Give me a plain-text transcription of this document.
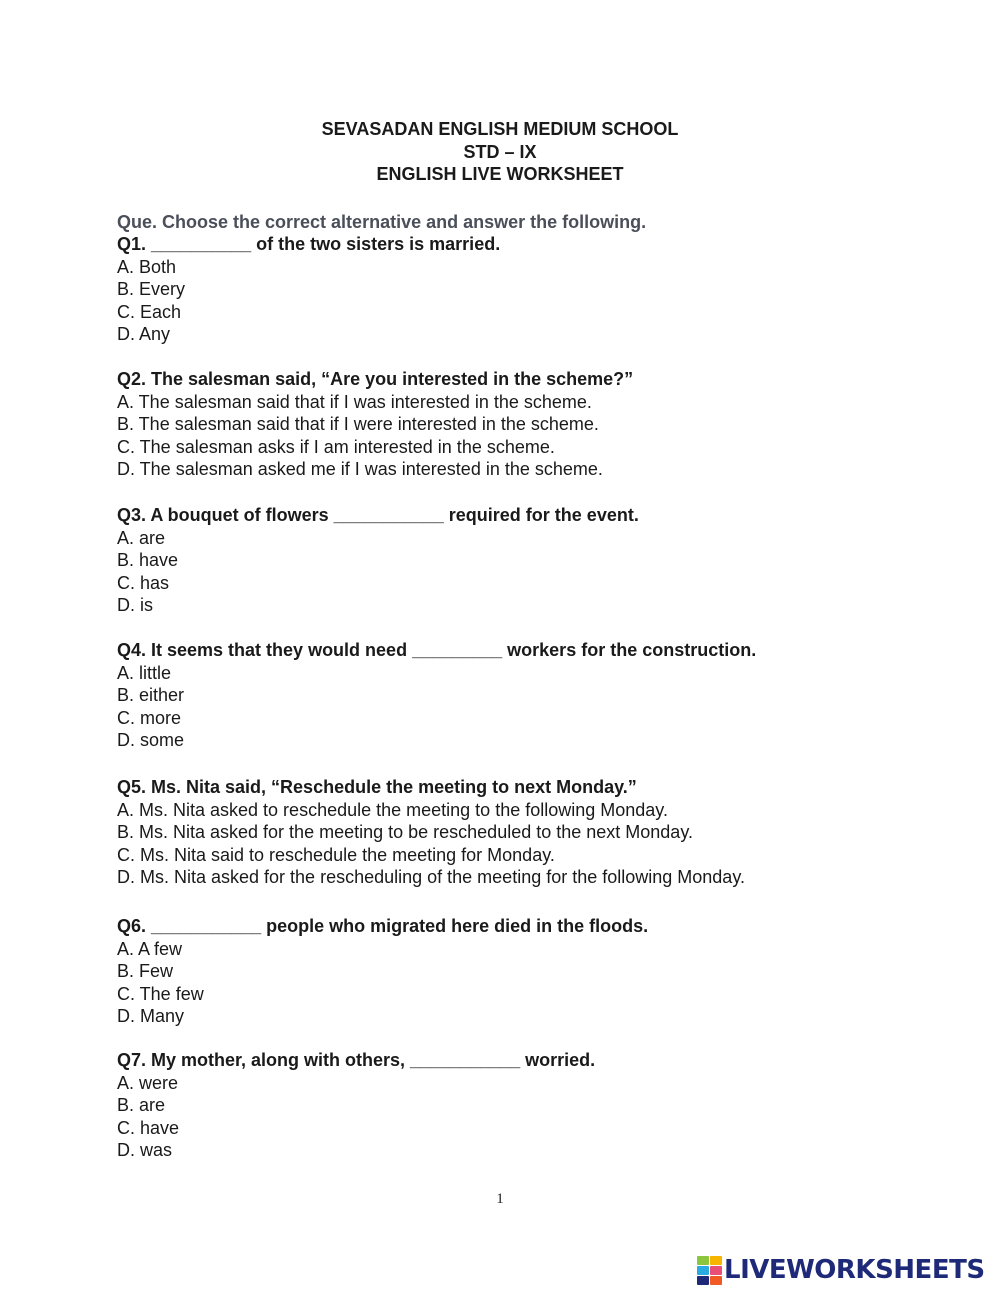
SEVASADAN ENGLISH MEDIUM SCHOOL
STD – IX
ENGLISH LIVE WORKSHEET
Que. Choose the correct alternative and answer the following.
Q1. __________ of the two sisters is married.
A. Both
B. Every
C. Each
D. Any
Q2. The salesman said, “Are you interested in the scheme?”
A. The salesman said that if I was interested in the scheme.
B. The salesman said that if I were interested in the scheme.
C. The salesman asks if I am interested in the scheme.
D. The salesman asked me if I was interested in the scheme.
Q3. A bouquet of flowers ___________ required for the event.
A. are
B. have
C. has
D. is
Q4. It seems that they would need _________ workers for the construction.
A. little
B. either
C. more
D. some
Q5. Ms. Nita said, “Reschedule the meeting to next Monday.”
A. Ms. Nita asked to reschedule the meeting to the following Monday.
B. Ms. Nita asked for the meeting to be rescheduled to the next Monday.
C. Ms. Nita said to reschedule the meeting for Monday.
D. Ms. Nita asked for the rescheduling of the meeting for the following Monday.
Q6. ___________ people who migrated here died in the floods.
A. A few
B. Few
C. The few
D. Many
Q7. My mother, along with others, ___________ worried.
A. were
B. are
C. have
D. was
1
LIVEWORKSHEETS
